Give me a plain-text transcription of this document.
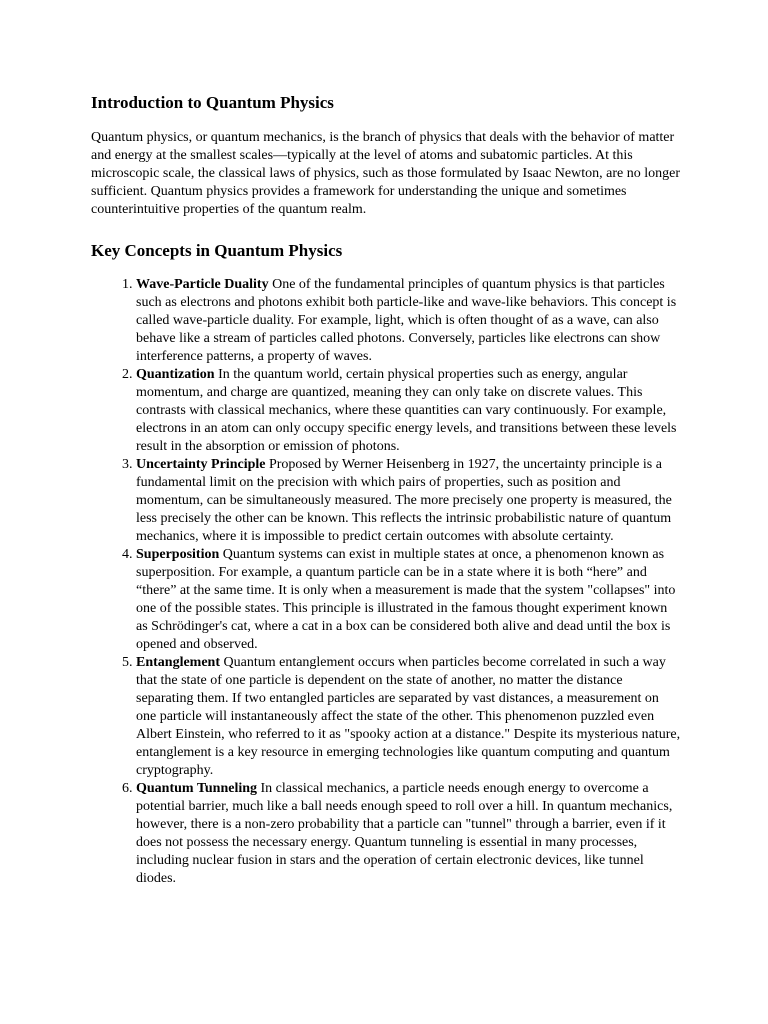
Introduction to Quantum Physics

Quantum physics, or quantum mechanics, is the branch of physics that deals with the behavior of matter and energy at the smallest scales—typically at the level of atoms and subatomic particles. At this microscopic scale, the classical laws of physics, such as those formulated by Isaac Newton, are no longer sufficient. Quantum physics provides a framework for understanding the unique and sometimes counterintuitive properties of the quantum realm.

Key Concepts in Quantum Physics
1. Wave-Particle Duality One of the fundamental principles of quantum physics is that particles such as electrons and photons exhibit both particle-like and wave-like behaviors. This concept is called wave-particle duality. For example, light, which is often thought of as a wave, can also behave like a stream of particles called photons. Conversely, particles like electrons can show interference patterns, a property of waves.
2. Quantization In the quantum world, certain physical properties such as energy, angular momentum, and charge are quantized, meaning they can only take on discrete values. This contrasts with classical mechanics, where these quantities can vary continuously. For example, electrons in an atom can only occupy specific energy levels, and transitions between these levels result in the absorption or emission of photons.
3. Uncertainty Principle Proposed by Werner Heisenberg in 1927, the uncertainty principle is a fundamental limit on the precision with which pairs of properties, such as position and momentum, can be simultaneously measured. The more precisely one property is measured, the less precisely the other can be known. This reflects the intrinsic probabilistic nature of quantum mechanics, where it is impossible to predict certain outcomes with absolute certainty.
4. Superposition Quantum systems can exist in multiple states at once, a phenomenon known as superposition. For example, a quantum particle can be in a state where it is both “here” and “there” at the same time. It is only when a measurement is made that the system "collapses" into one of the possible states. This principle is illustrated in the famous thought experiment known as Schrödinger's cat, where a cat in a box can be considered both alive and dead until the box is opened and observed.
5. Entanglement Quantum entanglement occurs when particles become correlated in such a way that the state of one particle is dependent on the state of another, no matter the distance separating them. If two entangled particles are separated by vast distances, a measurement on one particle will instantaneously affect the state of the other. This phenomenon puzzled even Albert Einstein, who referred to it as "spooky action at a distance." Despite its mysterious nature, entanglement is a key resource in emerging technologies like quantum computing and quantum cryptography.
6. Quantum Tunneling In classical mechanics, a particle needs enough energy to overcome a potential barrier, much like a ball needs enough speed to roll over a hill. In quantum mechanics, however, there is a non-zero probability that a particle can "tunnel" through a barrier, even if it does not possess the necessary energy. Quantum tunneling is essential in many processes, including nuclear fusion in stars and the operation of certain electronic devices, like tunnel diodes.
